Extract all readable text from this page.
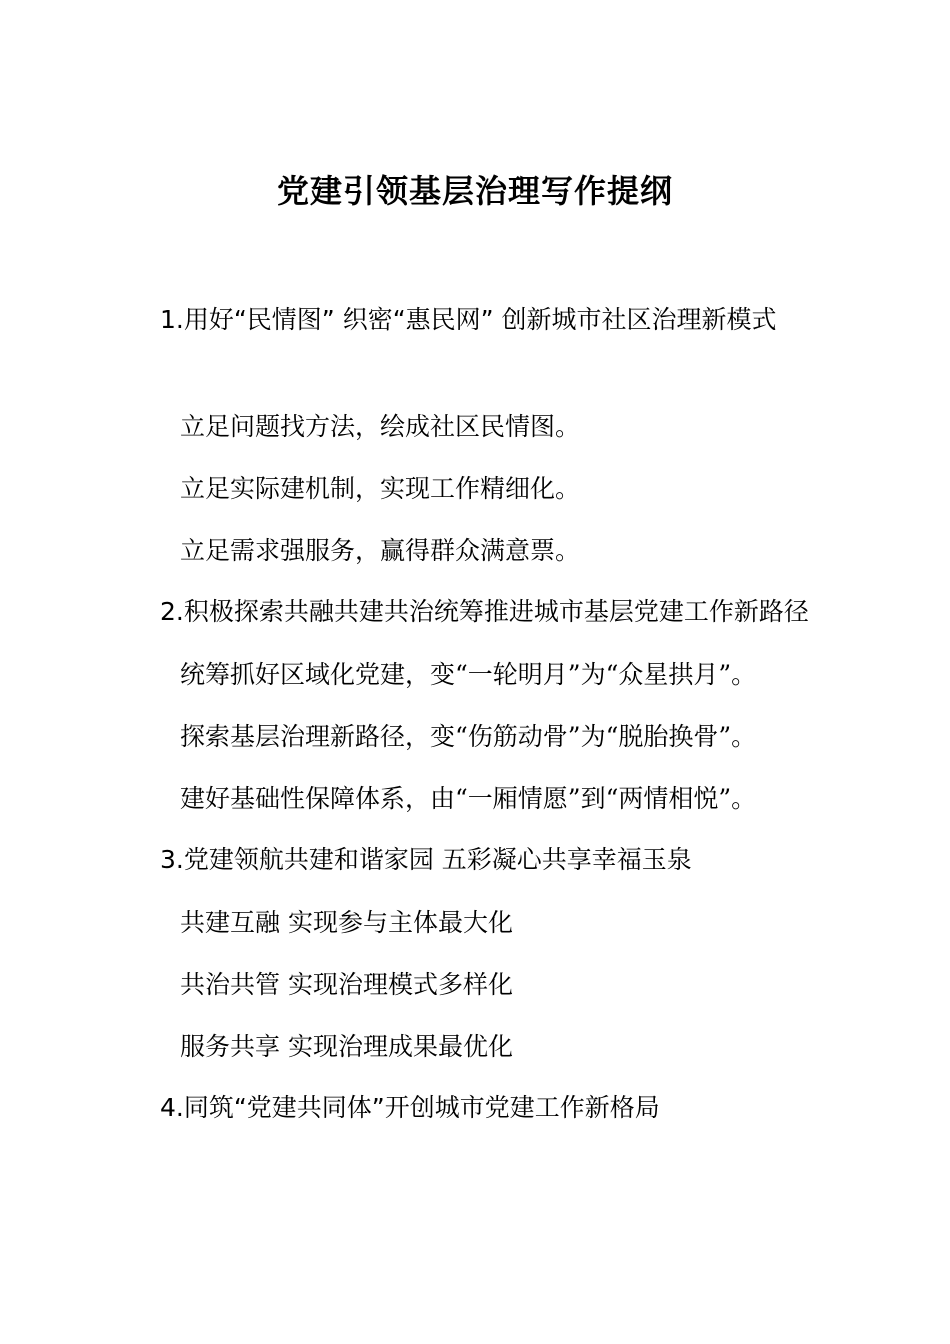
党建引领基层治理写作提纲

1.用好“民情图” 织密“惠民网” 创新城市社区治理新模式

立足问题找方法，绘成社区民情图。

立足实际建机制，实现工作精细化。

立足需求强服务，赢得群众满意票。

2.积极探索共融共建共治统筹推进城市基层党建工作新路径

统筹抓好区域化党建，变“一轮明月”为“众星拱月”。

探索基层治理新路径，变“伤筋动骨”为“脱胎换骨”。

建好基础性保障体系，由“一厢情愿”到“两情相悦”。

3.党建领航共建和谐家园 五彩凝心共享幸福玉泉

共建互融 实现参与主体最大化

共治共管 实现治理模式多样化

服务共享 实现治理成果最优化

4.同筑“党建共同体”开创城市党建工作新格局
